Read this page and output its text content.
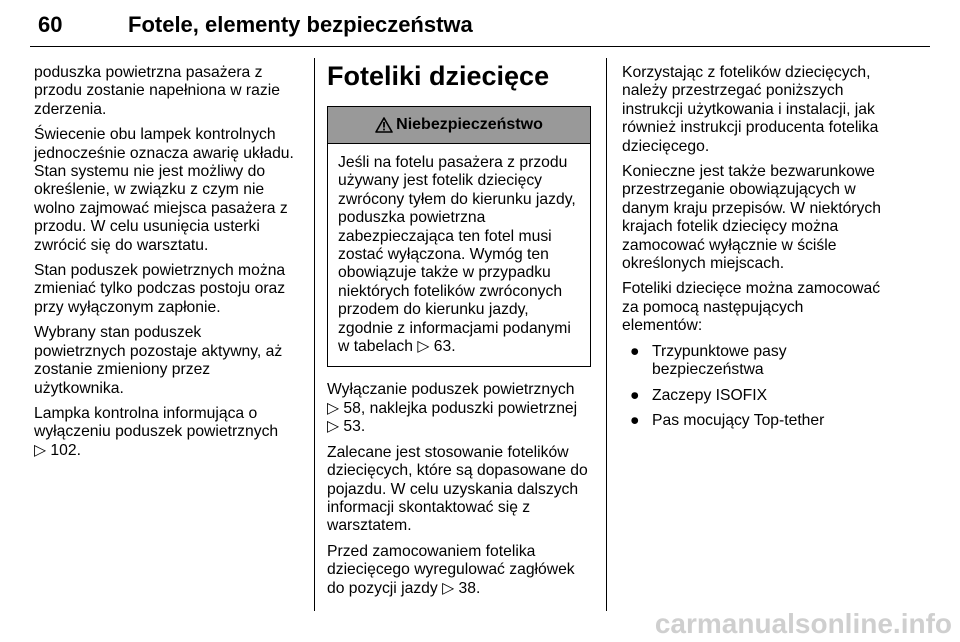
60	Fotele, elementy bezpieczeństwa

poduszka powietrzna pasażera z
przodu zostanie napełniona w razie
zderzenia.

Świecenie obu lampek kontrolnych
jednocześnie oznacza awarię układu.
Stan systemu nie jest możliwy do
określenie, w związku z czym nie
wolno zajmować miejsca pasażera z
przodu. W celu usunięcia usterki
zwrócić się do warsztatu.

Stan poduszek powietrznych można
zmieniać tylko podczas postoju oraz
przy wyłączonym zapłonie.

Wybrany stan poduszek
powietrznych pozostaje aktywny, aż
zostanie zmieniony przez
użytkownika.

Lampka kontrolna informująca o
wyłączeniu poduszek powietrznych
▷ 102.

Foteliki dziecięce
Niebezpieczeństwo

Jeśli na fotelu pasażera z przodu
używany jest fotelik dziecięcy
zwrócony tyłem do kierunku jazdy,
poduszka powietrzna
zabezpieczająca ten fotel musi
zostać wyłączona. Wymóg ten
obowiązuje także w przypadku
niektórych fotelików zwróconych
przodem do kierunku jazdy,
zgodnie z informacjami podanymi
w tabelach ▷ 63.

Wyłączanie poduszek powietrznych
▷ 58, naklejka poduszki powietrznej
▷ 53.

Zalecane jest stosowanie fotelików
dziecięcych, które są dopasowane do
pojazdu. W celu uzyskania dalszych
informacji skontaktować się z
warsztatem.

Przed zamocowaniem fotelika
dziecięcego wyregulować zagłówek
do pozycji jazdy ▷ 38.

Korzystając z fotelików dziecięcych,
należy przestrzegać poniższych
instrukcji użytkowania i instalacji, jak
również instrukcji producenta fotelika
dziecięcego.

Konieczne jest także bezwarunkowe
przestrzeganie obowiązujących w
danym kraju przepisów. W niektórych
krajach fotelik dziecięcy można
zamocować wyłącznie w ściśle
określonych miejscach.

Foteliki dziecięce można zamocować
za pomocą następujących
elementów:

● Trzypunktowe pasy
bezpieczeństwa
● Zaczepy ISOFIX
● Pas mocujący Top-tether
carmanualsonline.info
